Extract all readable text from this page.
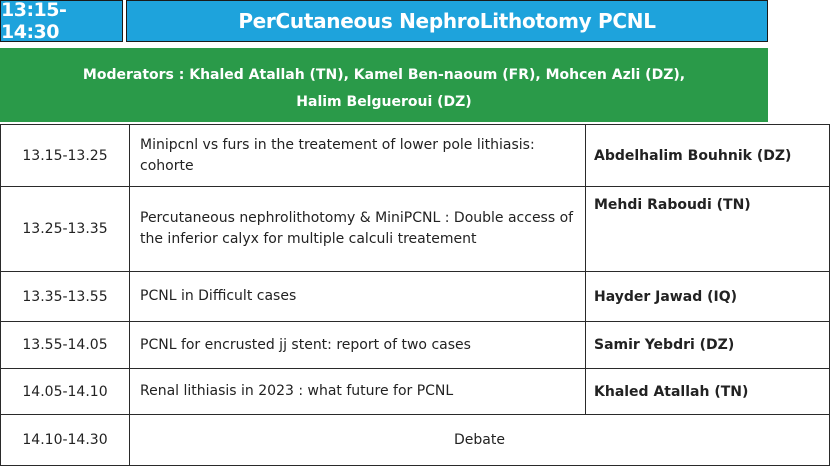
13:15-14:30	PerCutaneous NephroLithotomy PCNL
Moderators : Khaled Atallah (TN), Kamel Ben-naoum (FR), Mohcen Azli (DZ),
Halim Belgueroui (DZ)
13.15-13.25	Minipcnl vs furs in the treatement of lower pole lithiasis: cohorte	Abdelhalim Bouhnik (DZ)
13.25-13.35	Percutaneous nephrolithotomy & MiniPCNL : Double access of the inferior calyx for multiple calculi treatement	Mehdi Raboudi (TN)
13.35-13.55	PCNL in Difficult cases	Hayder Jawad (IQ)
13.55-14.05	PCNL for encrusted jj stent: report of two cases	Samir Yebdri (DZ)
14.05-14.10	Renal lithiasis in 2023 : what future for PCNL	Khaled Atallah (TN)
14.10-14.30	Debate	
